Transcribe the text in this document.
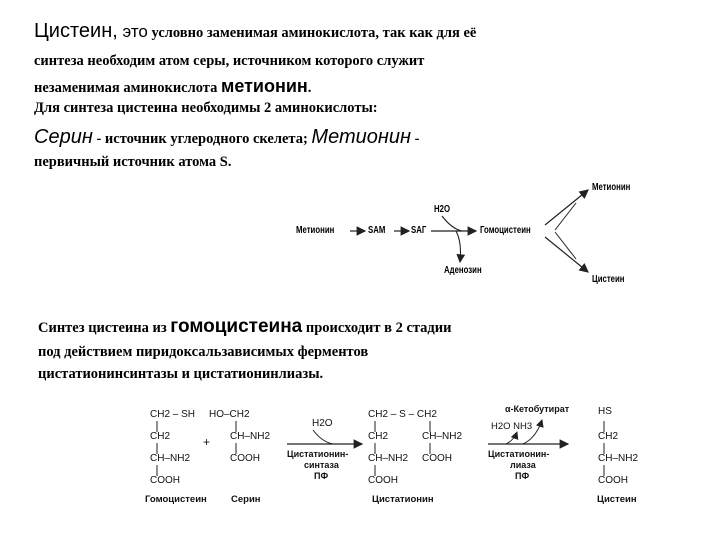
Цистеин, это условно заменимая аминокислота, так как для её
синтеза необходим атом серы, источником которого служит
незаменимая аминокислота метионин.
Для синтеза цистеина необходимы 2 аминокислоты:
Серин - источник углеродного скелета; Метионин -
первичный источник атома S.
Метионин	SAM	SAГ
H2O
Гомоцистеин
Аденозин
Метионин
Цистеин
Синтез цистеина из гомоцистеина происходит в 2 стадии
под действием пиридоксальзависимых ферментов
цистатионинсинтазы и цистатионинлиазы.
CH2 – SH
CH2
CH–NH2
COOH
Гомоцистеин
+
HO–CH2
CH–NH2
COOH
Серин
H2O
Цистатионин-
синтаза
ПФ
CH2 – S – CH2
CH2	CH–NH2
CH–NH2 COOH
COOH
Цистатионин
α-Кетобутират
H2O NH3
Цистатионин-
лиаза
ПФ
HS
CH2
CH–NH2
COOH
Цистеин
